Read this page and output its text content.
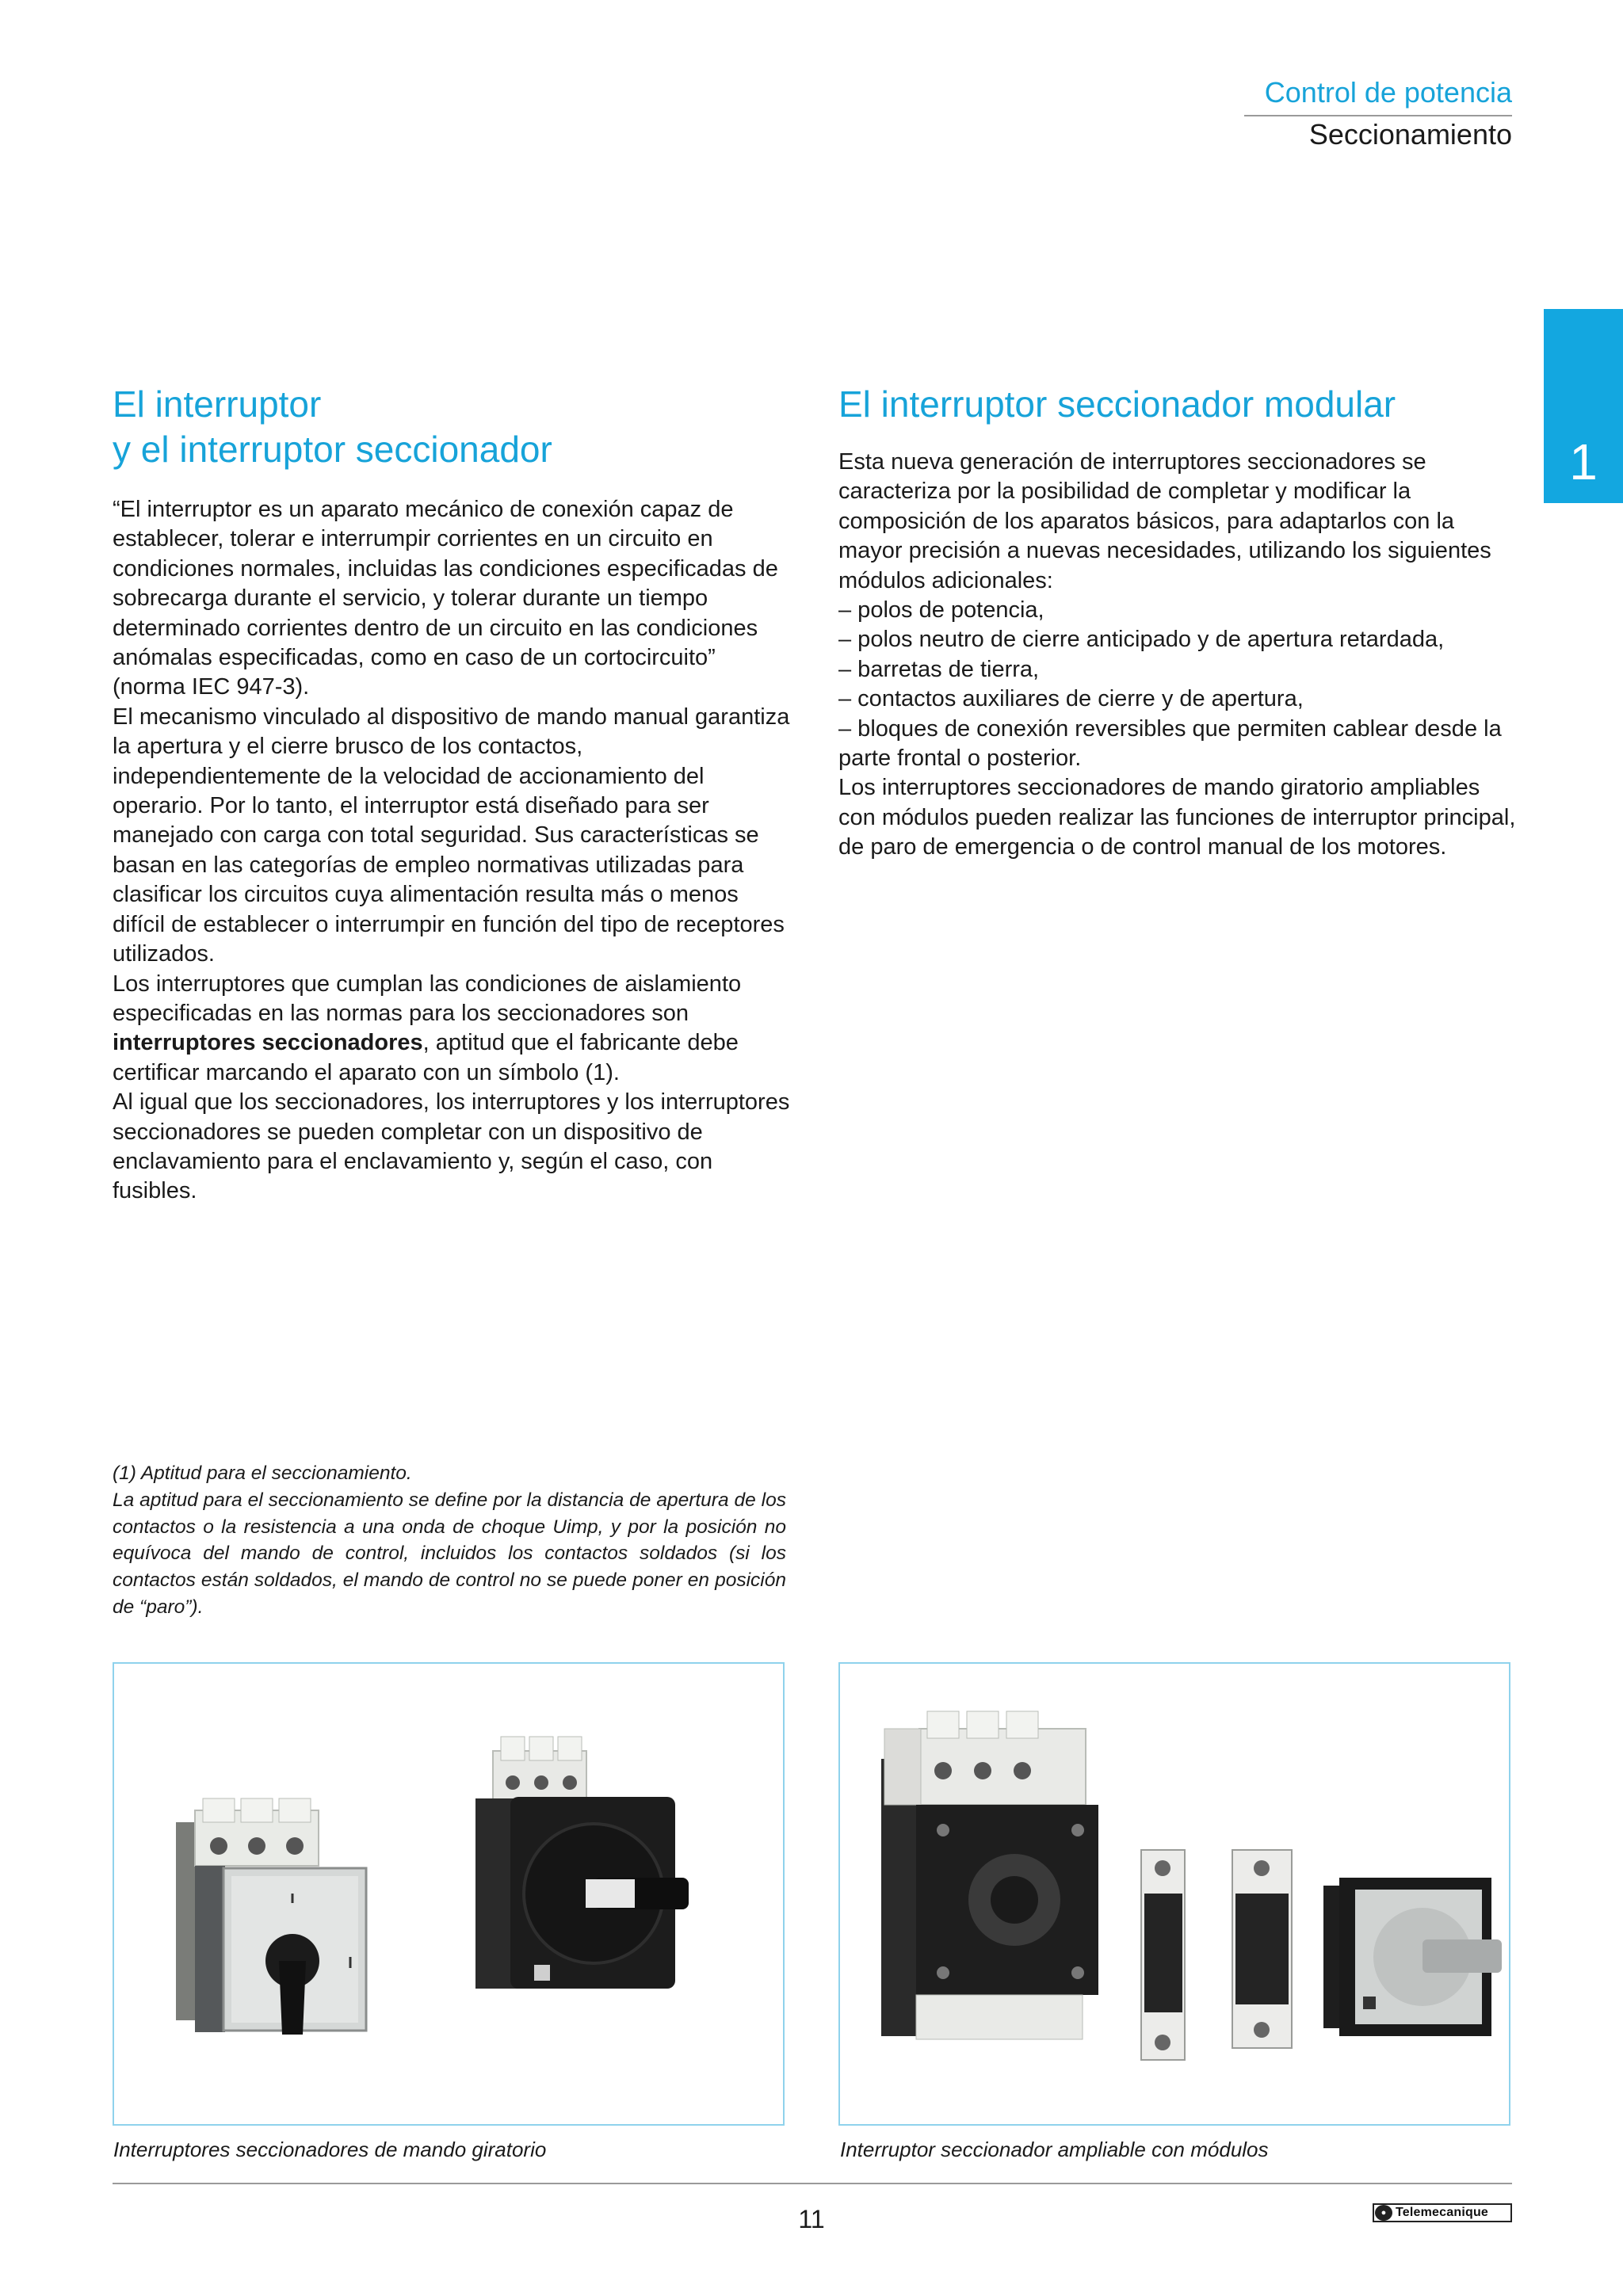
Control de potencia
Seccionamiento
1
El interruptor
y el interruptor seccionador

“El interruptor es un aparato mecánico de conexión capaz de establecer, tolerar e interrumpir corrientes en un circuito en condiciones normales, incluidas las condiciones especificadas de sobrecarga durante el servicio, y tolerar durante un tiempo determinado corrientes dentro de un circuito en las condiciones anómalas especificadas, como en caso de un cortocircuito” (norma IEC 947-3).

El mecanismo vinculado al dispositivo de mando manual garantiza la apertura y el cierre brusco de los contactos, independientemente de la velocidad de accionamiento del operario. Por lo tanto, el interruptor está diseñado para ser manejado con carga con total seguridad. Sus características se basan en las categorías de empleo normativas utilizadas para clasificar los circuitos cuya alimentación resulta más o menos difícil de establecer o interrumpir en función del tipo de receptores utilizados.

Los interruptores que cumplan las condiciones de aislamiento especificadas en las normas para los seccionadores son interruptores seccionadores, aptitud que el fabricante debe certificar marcando el aparato con un símbolo (1).

Al igual que los seccionadores, los interruptores y los interruptores seccionadores se pueden completar con un dispositivo de enclavamiento para el enclavamiento y, según el caso, con fusibles.

El interruptor seccionador modular

Esta nueva generación de interruptores seccionadores se caracteriza por la posibilidad de completar y modificar la composición de los aparatos básicos, para adaptarlos con la mayor precisión a nuevas necesidades, utilizando los siguientes módulos adicionales:

– polos de potencia,

– polos neutro de cierre anticipado y de apertura retardada,

– barretas de tierra,

– contactos auxiliares de cierre y de apertura,

– bloques de conexión reversibles que permiten cablear desde la parte frontal o posterior.

Los interruptores seccionadores de mando giratorio ampliables con módulos pueden realizar las funciones de interruptor principal, de paro de emergencia o de control manual de los motores.

(1) Aptitud para el seccionamiento.

La aptitud para el seccionamiento se define por la distancia de apertura de los contactos o la resistencia a una onda de choque Uimp, y por la posición no equívoca del mando de control, incluidos los contactos soldados (si los contactos están soldados, el mando de control no se puede poner en posición de “paro”).

Interruptores seccionadores de mando giratorio	Interruptor seccionador ampliable con módulos
11	● Telemecanique
